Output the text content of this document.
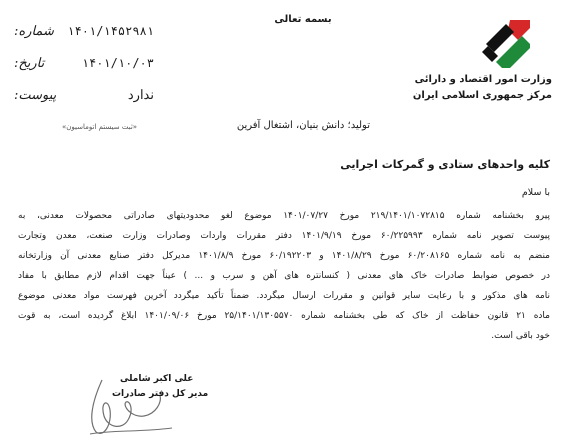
بسمه تعالی
وزارت امور اقتصاد و دارائی
مرکز جمهوری اسلامی ایران
شماره: ۱۴۰۱/۱۴۵۲۹۸۱
تاریخ:	۱۴۰۱/۱۰/۰۳
پیوست:	ندارد
«ثبت سیستم اتوماسیون»	تولید؛ دانش بنیان، اشتغال آفرین
کلیه واحدهای ستادی و گمرکات اجرایی
با سلام
پیرو بخشنامه شماره ۲۱۹/۱۴۰۱/۱۰۷۲۸۱۵ مورخ ۱۴۰۱/۰۷/۲۷ موضوع لغو محدودیتهای صادراتی محصولات معدنی، به
پیوست تصویر نامه شماره ۶۰/۲۲۵۹۹۳ مورخ ۱۴۰۱/۹/۱۹ دفتر مقررات واردات وصادرات وزارت صنعت، معدن وتجارت
منضم به نامه شماره ۶۰/۲۰۸۱۶۵ مورخ ۱۴۰۱/۸/۲۹ و ۶۰/۱۹۲۲۰۳ مورخ ۱۴۰۱/۸/۹ مدیرکل دفتر صنایع معدنی آن وزارتخانه
در خصوص ضوابط صادرات خاک های معدنی ( کنسانتره های آهن و سرب و ... ) عیناً جهت اقدام لازم مطابق با مفاد
نامه های مذکور و با رعایت سایر قوانین و مقررات ارسال میگردد. ضمناً تأکید میگردد آخرین فهرست مواد معدنی موضوع
ماده ۲۱ قانون حفاظت از خاک که طی بخشنامه شماره ۲۵/۱۴۰۱/۱۳۰۵۵۷۰ مورخ ۱۴۰۱/۰۹/۰۶ ابلاغ گردیده است، به قوت
خود باقی است.
علی اکبر شاملی
مدیر کل دفتر صادرات
